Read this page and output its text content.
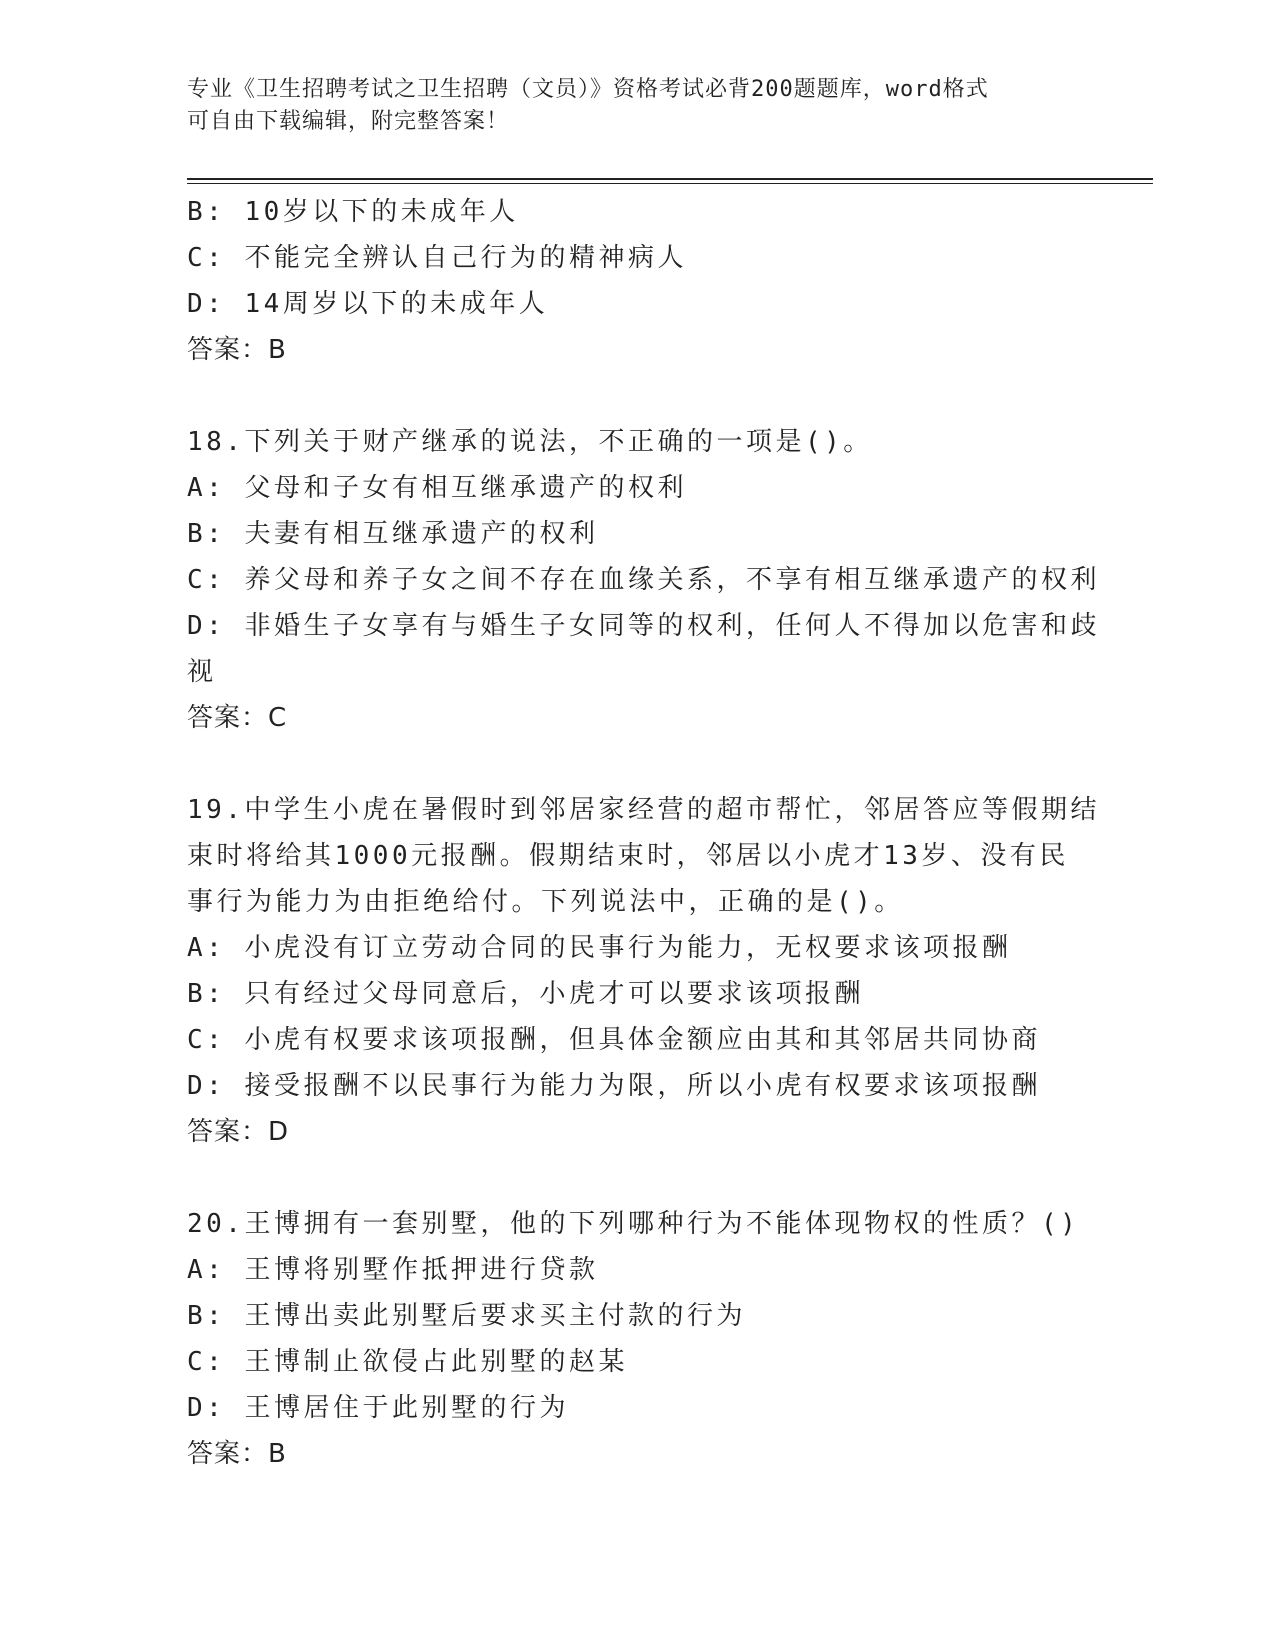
专业《卫生招聘考试之卫生招聘（文员）》资格考试必背200题题库，word格式
可自由下载编辑，附完整答案！
B: 10岁以下的未成年人
C: 不能完全辨认自己行为的精神病人
D: 14周岁以下的未成年人
答案：B
18.下列关于财产继承的说法，不正确的一项是()。
A: 父母和子女有相互继承遗产的权利
B: 夫妻有相互继承遗产的权利
C: 养父母和养子女之间不存在血缘关系，不享有相互继承遗产的权利
D: 非婚生子女享有与婚生子女同等的权利，任何人不得加以危害和歧
视
答案：C
19.中学生小虎在暑假时到邻居家经营的超市帮忙，邻居答应等假期结
束时将给其1000元报酬。假期结束时，邻居以小虎才13岁、没有民
事行为能力为由拒绝给付。下列说法中，正确的是()。
A: 小虎没有订立劳动合同的民事行为能力，无权要求该项报酬
B: 只有经过父母同意后，小虎才可以要求该项报酬
C: 小虎有权要求该项报酬，但具体金额应由其和其邻居共同协商
D: 接受报酬不以民事行为能力为限，所以小虎有权要求该项报酬
答案：D
20.王博拥有一套别墅，他的下列哪种行为不能体现物权的性质？()
A: 王博将别墅作抵押进行贷款
B: 王博出卖此别墅后要求买主付款的行为
C: 王博制止欲侵占此别墅的赵某
D: 王博居住于此别墅的行为
答案：B
